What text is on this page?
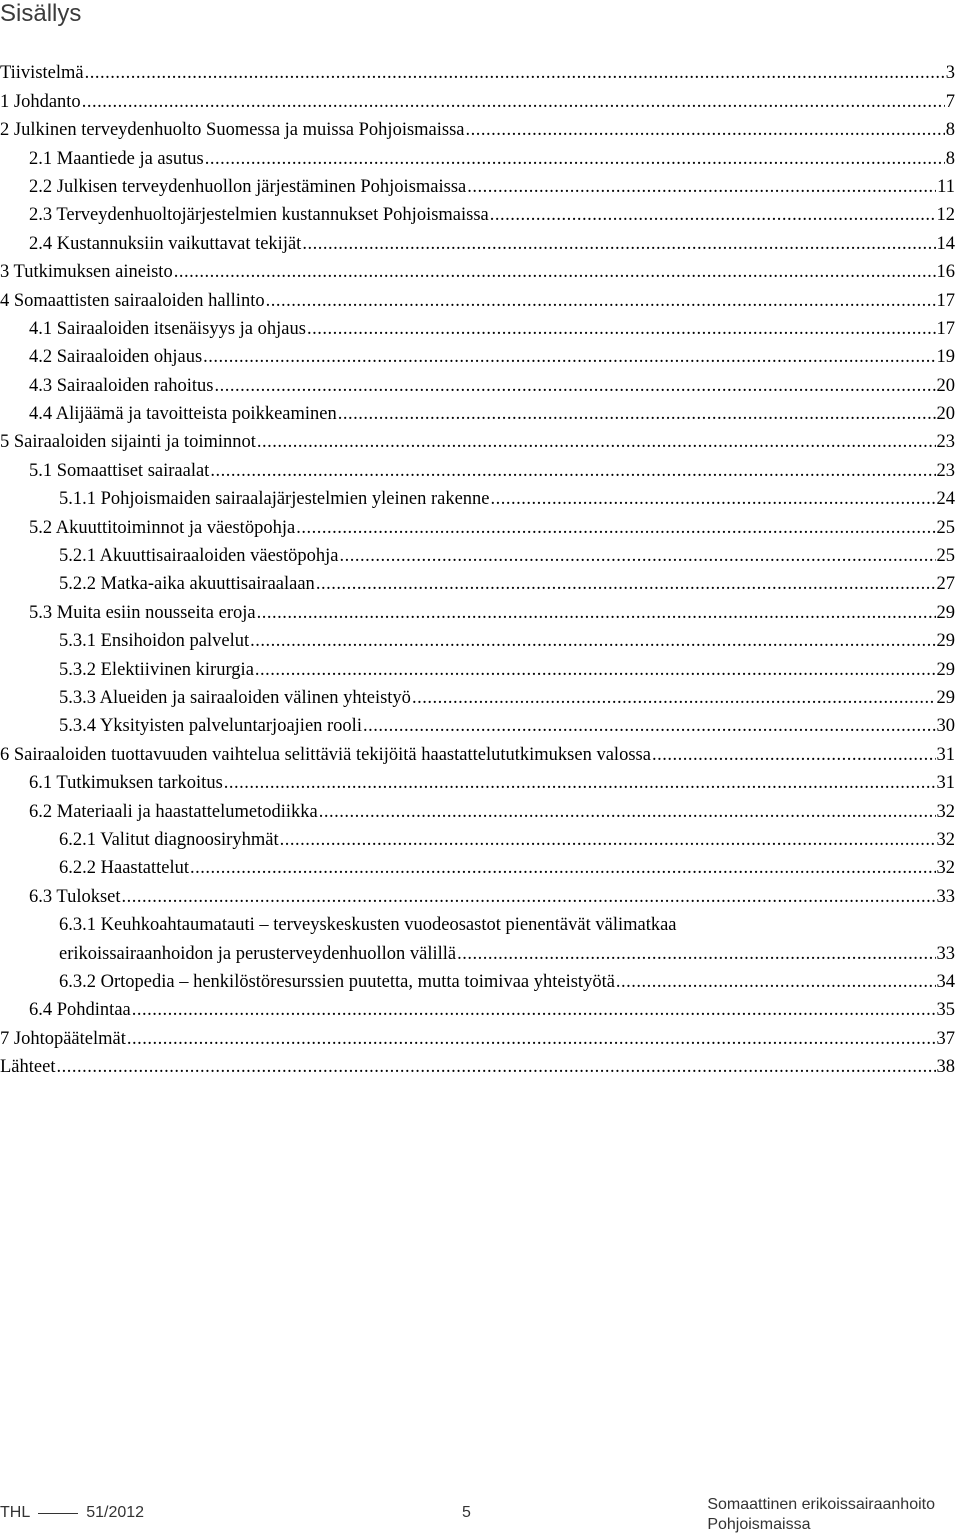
Sisällys
Tiivistelmä .....	3
1 Johdanto .....	7
2 Julkinen terveydenhuolto Suomessa ja muissa Pohjoismaissa .....	8
2.1 Maantiede ja asutus .....	8
2.2 Julkisen terveydenhuollon järjestäminen Pohjoismaissa .....	11
2.3 Terveydenhuoltojärjestelmien kustannukset Pohjoismaissa .....	12
2.4 Kustannuksiin vaikuttavat tekijät .....	14
3 Tutkimuksen aineisto .....	16
4 Somaattisten sairaaloiden hallinto .....	17
4.1 Sairaaloiden itsenäisyys ja ohjaus .....	17
4.2 Sairaaloiden ohjaus .....	19
4.3 Sairaaloiden rahoitus .....	20
4.4 Alijäämä ja tavoitteista poikkeaminen .....	20
5 Sairaaloiden sijainti ja toiminnot .....	23
5.1 Somaattiset sairaalat .....	23
5.1.1 Pohjoismaiden sairaalajärjestelmien yleinen rakenne .....	24
5.2 Akuuttitoiminnot ja väestöpohja .....	25
5.2.1 Akuuttisairaaloiden väestöpohja .....	25
5.2.2 Matka-aika akuuttisairaalaan .....	27
5.3 Muita esiin nousseita eroja .....	29
5.3.1 Ensihoidon palvelut .....	29
5.3.2 Elektiivinen kirurgia .....	29
5.3.3 Alueiden ja sairaaloiden välinen yhteistyö .....	29
5.3.4 Yksityisten palveluntarjoajien rooli .....	30
6 Sairaaloiden tuottavuuden vaihtelua selittäviä tekijöitä haastattelututkimuksen valossa .....	31
6.1 Tutkimuksen tarkoitus .....	31
6.2 Materiaali ja haastattelumetodiikka .....	32
6.2.1 Valitut diagnoosiryhmät .....	32
6.2.2 Haastattelut .....	32
6.3 Tulokset .....	33
6.3.1 Keuhkoahtaumatauti – terveyskeskusten vuodeosastot pienentävät välimatkaa
erikoissairaanhoidon ja perusterveydenhuollon välillä .....	33
6.3.2 Ortopedia – henkilöstöresurssien puutetta, mutta toimivaa yhteistyötä .....	34
6.4 Pohdintaa .....	35
7 Johtopäätelmät .....	37
Lähteet .....	38
THL	51/2012	5	Somaattinen erikoissairaanhoito
Pohjoismaissa
